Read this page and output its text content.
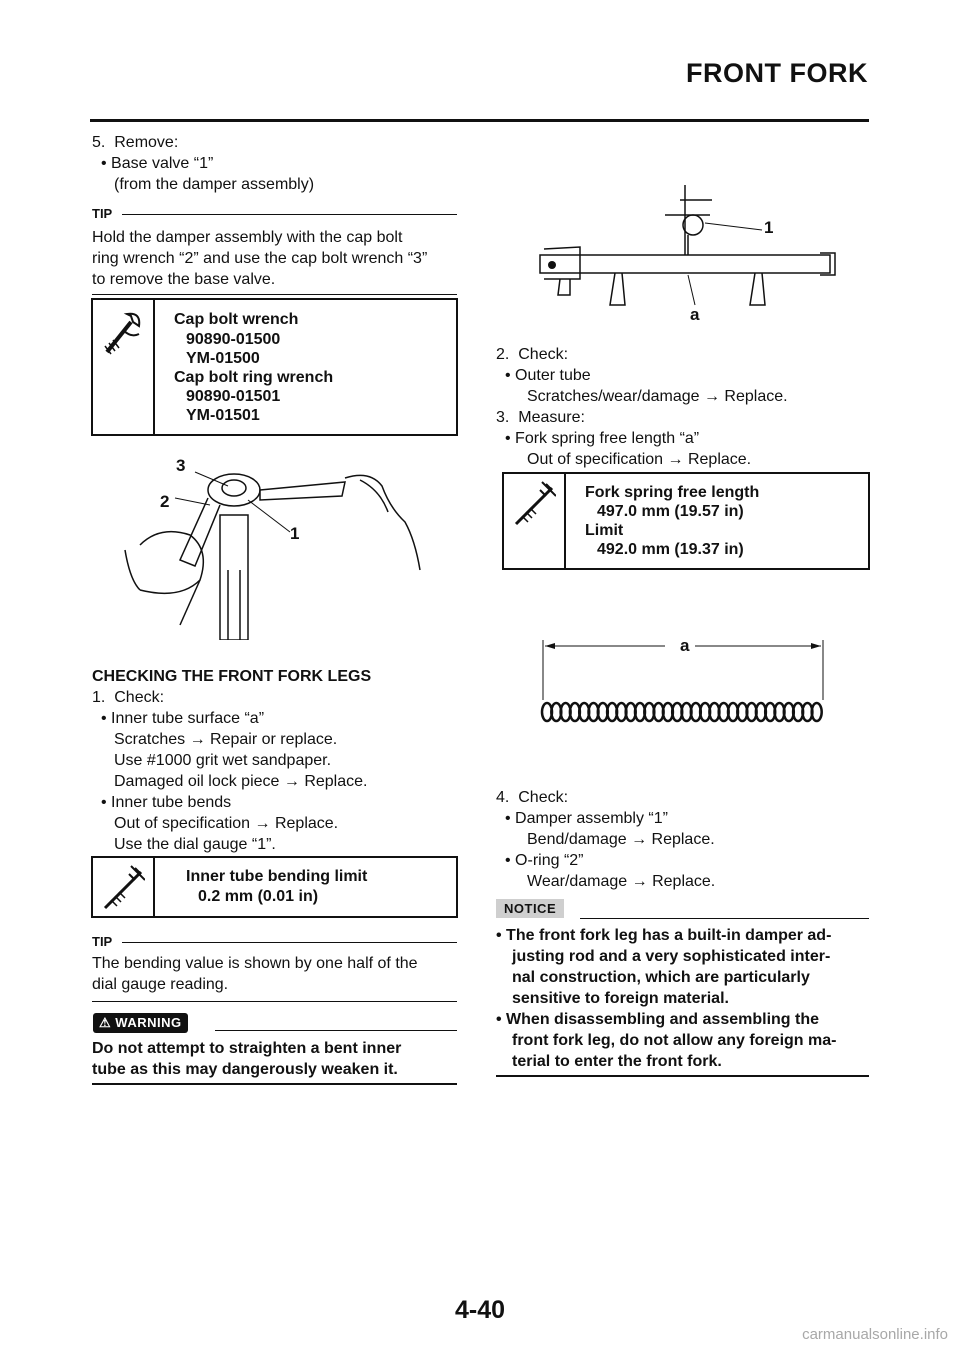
FRONT FORK
5.  Remove:
• Base valve “1”
(from the damper assembly)
TIP
Hold the damper assembly with the cap bolt
ring wrench “2” and use the cap bolt wrench “3”
to remove the base valve.
Cap bolt wrench
90890-01500
YM-01500
Cap bolt ring wrench
90890-01501
YM-01501
3
2
1
CHECKING THE FRONT FORK LEGS
1.  Check:
• Inner tube surface “a”
Scratches → Repair or replace.
Use #1000 grit wet sandpaper.
Damaged oil lock piece → Replace.
• Inner tube bends
Out of specification → Replace.
Use the dial gauge “1”.
Inner tube bending limit
0.2 mm (0.01 in)
TIP
The bending value is shown by one half of the
dial gauge reading.
⚠ WARNING
Do not attempt to straighten a bent inner
tube as this may dangerously weaken it.
1
a
2.  Check:
• Outer tube
Scratches/wear/damage → Replace.
3.  Measure:
• Fork spring free length “a”
Out of specification → Replace.
Fork spring free length
497.0 mm (19.57 in)
Limit
492.0 mm (19.37 in)
a
4.  Check:
• Damper assembly “1”
Bend/damage → Replace.
• O-ring “2”
Wear/damage → Replace.
NOTICE
• The front fork leg has a built-in damper ad-
justing rod and a very sophisticated inter-
nal construction, which are particularly
sensitive to foreign material.
• When disassembling and assembling the
front fork leg, do not allow any foreign ma-
terial to enter the front fork.
4-40
carmanualsonline.info
